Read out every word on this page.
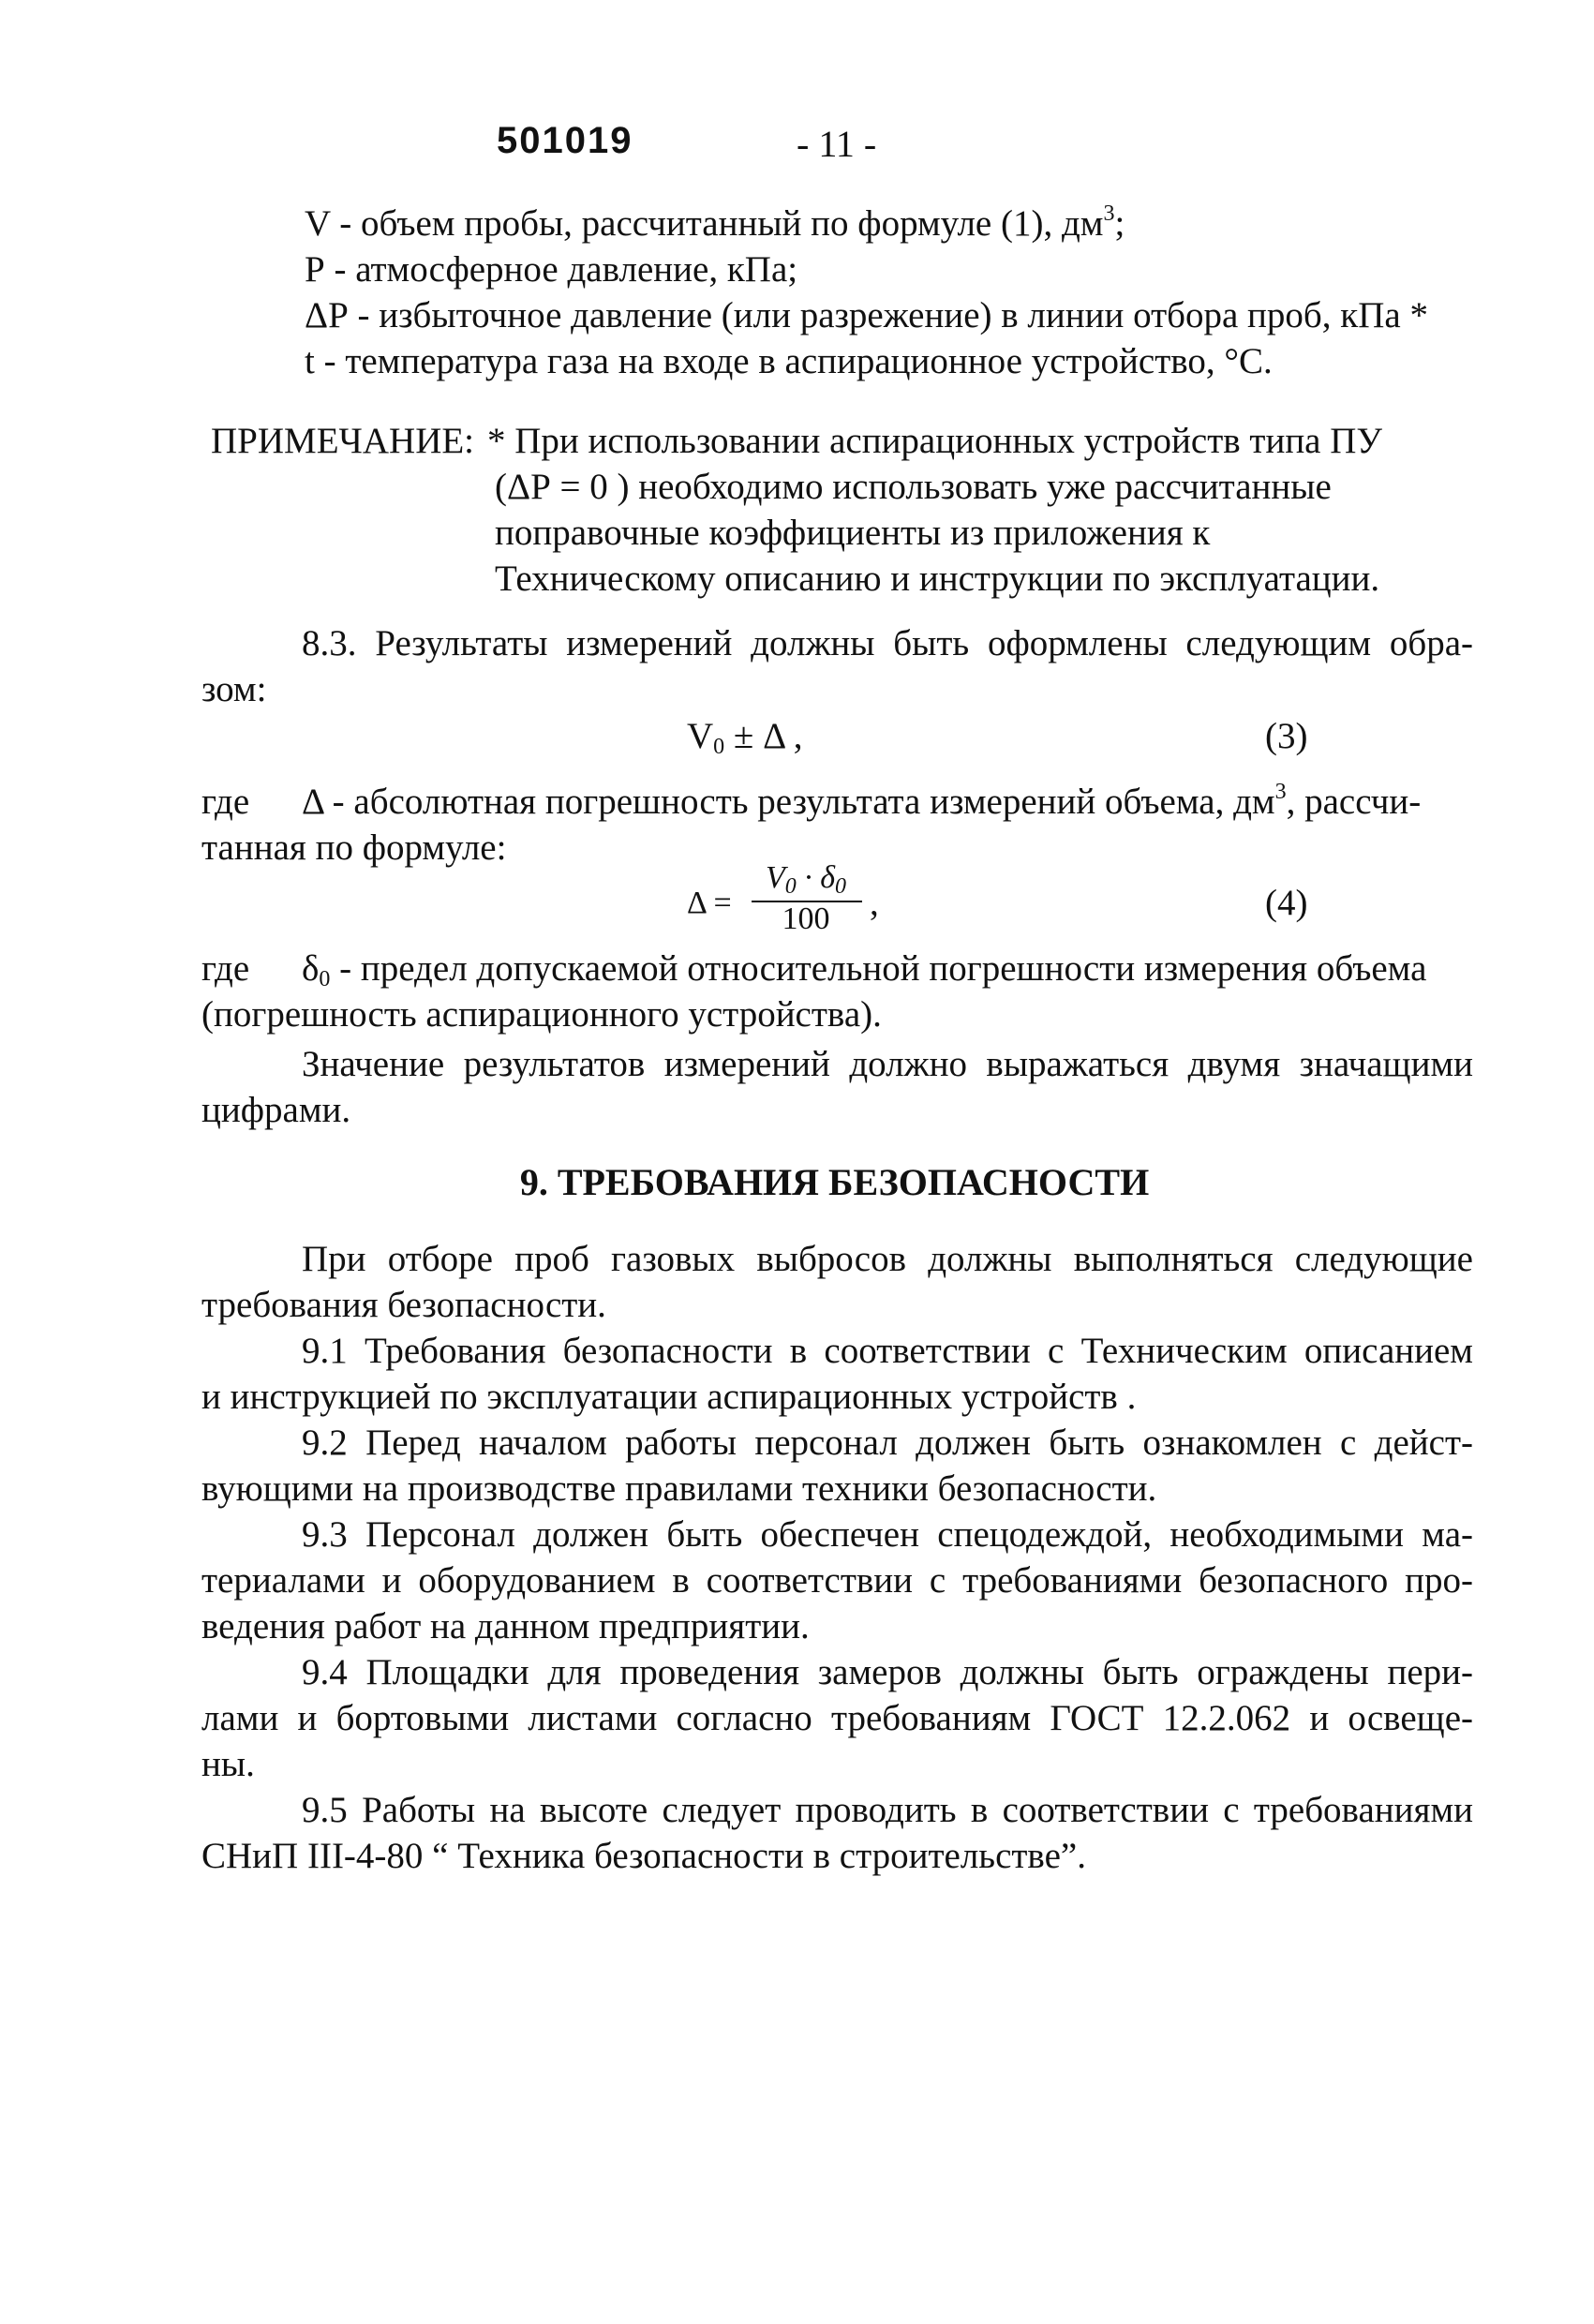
501019	- 11 -
V - объем пробы, рассчитанный по формуле (1), $дм^3$;
Р - атмосферное давление, кПа;
ΔР - избыточное давление (или разрежение) в линии отбора проб, кПа *
t - температура газа на входе в аспирационное устройство, °С.
ПРИМЕЧАНИЕ: * При использовании аспирационных устройств типа ПУ
(ΔР = 0 ) необходимо использовать уже рассчитанные
поправочные коэффициенты из приложения к
Техническому описанию и инструкции по эксплуатации.
8.3. Результаты измерений должны быть оформлены следующим обра-
зом:
$V_0 \pm \Delta$ ,	(3)
где Δ - абсолютная погрешность результата измерений объема, $дм^3$, рассчи-
танная по формуле:
Δ =
$V_0 \cdot \delta_0$
100	,	(4)
где $\delta_0$ - предел допускаемой относительной погрешности измерения объема
(погрешность аспирационного устройства).
Значение результатов измерений должно выражаться двумя значащими
цифрами.
9. ТРЕБОВАНИЯ БЕЗОПАСНОСТИ
При отборе проб газовых выбросов должны выполняться следующие
требования безопасности.
9.1 Требования безопасности в соответствии с Техническим описанием
и инструкцией по эксплуатации аспирационных устройств .
9.2 Перед началом работы персонал должен быть ознакомлен с дейст-
вующими на производстве правилами техники безопасности.
9.3 Персонал должен быть обеспечен спецодеждой, необходимыми ма-
териалами и оборудованием в соответствии с требованиями безопасного про-
ведения работ на данном предприятии.
9.4 Площадки для проведения замеров должны быть ограждены пери-
лами и бортовыми листами согласно требованиям ГОСТ 12.2.062 и освеще-
ны.
9.5 Работы на высоте следует проводить в соответствии с требованиями
СНиП III-4-80 “ Техника безопасности в строительстве”.
